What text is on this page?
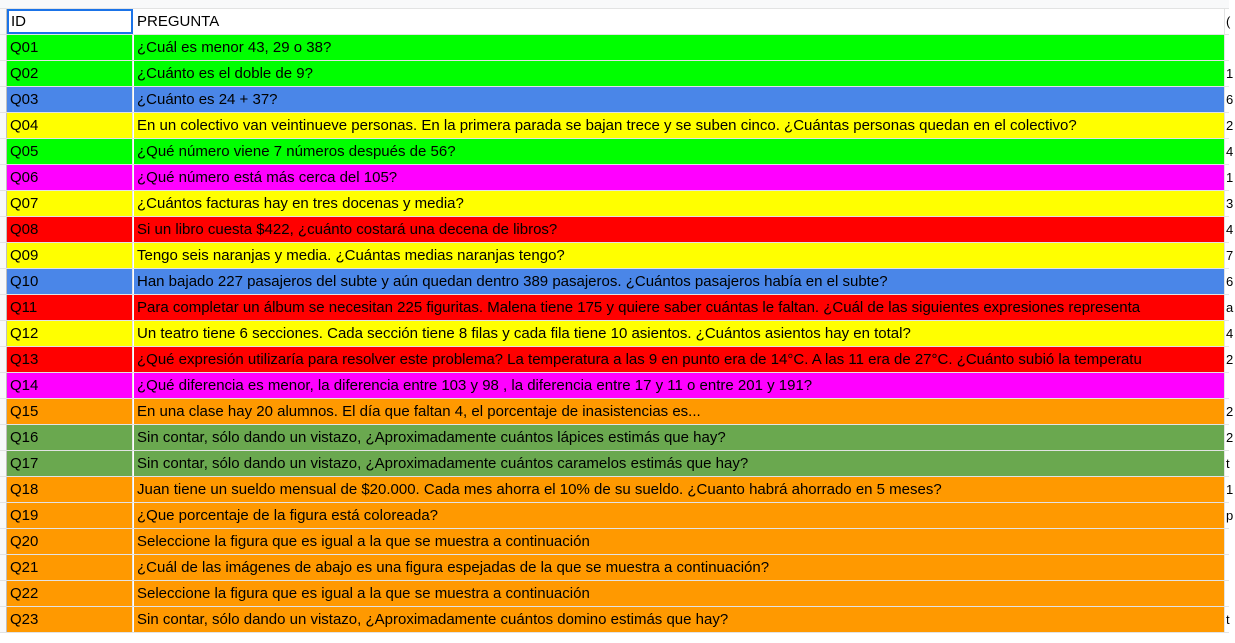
ID	PREGUNTA	(
Q01	¿Cuál es menor 43, 29 o 38?
Q02	¿Cuánto es el doble de 9?	1
Q03	¿Cuánto es 24 + 37?	6
Q04	En un colectivo van veintinueve personas. En la primera parada se bajan trece y se suben cinco. ¿Cuántas personas quedan en el colectivo?	2
Q05	¿Qué número viene 7 números después de 56?	4
Q06	¿Qué número está más cerca del 105?	1
Q07	¿Cuántos facturas hay en tres docenas y media?	3
Q08	Si un libro cuesta $422, ¿cuánto costará una decena de libros?	4
Q09	Tengo seis naranjas y media. ¿Cuántas medias naranjas tengo?	7
Q10	Han bajado 227 pasajeros del subte y aún quedan dentro 389 pasajeros. ¿Cuántos pasajeros había en el subte?	6
Q11	Para completar un álbum se necesitan 225 figuritas. Malena tiene 175 y quiere saber cuántas le faltan. ¿Cuál de las siguientes expresiones representa	a
Q12	Un teatro tiene 6 secciones. Cada sección tiene 8 filas y cada fila tiene 10 asientos. ¿Cuántos asientos hay en total?	4
Q13	¿Qué expresión utilizaría para resolver este problema? La temperatura a las 9 en punto era de 14°C. A las 11 era de 27°C. ¿Cuánto subió la temperatu	2
Q14	¿Qué diferencia es menor, la diferencia entre 103 y 98 , la diferencia entre 17 y 11 o entre 201 y 191?
Q15	En una clase hay 20 alumnos. El día que faltan 4, el porcentaje de inasistencias es...	2
Q16	Sin contar, sólo dando un vistazo, ¿Aproximadamente cuántos lápices estimás que hay?	2
Q17	Sin contar, sólo dando un vistazo, ¿Aproximadamente cuántos caramelos estimás que hay?	t
Q18	Juan tiene un sueldo mensual de $20.000. Cada mes ahorra el 10% de su sueldo. ¿Cuanto habrá ahorrado en 5 meses?	1
Q19	¿Que porcentaje de la figura está coloreada?	p
Q20	Seleccione la figura que es igual a la que se muestra a continuación
Q21	¿Cuál de las imágenes de abajo es una figura espejadas de la que se muestra a continuación?
Q22	Seleccione la figura que es igual a la que se muestra a continuación
Q23	Sin contar, sólo dando un vistazo, ¿Aproximadamente cuántos domino estimás que hay?	t
